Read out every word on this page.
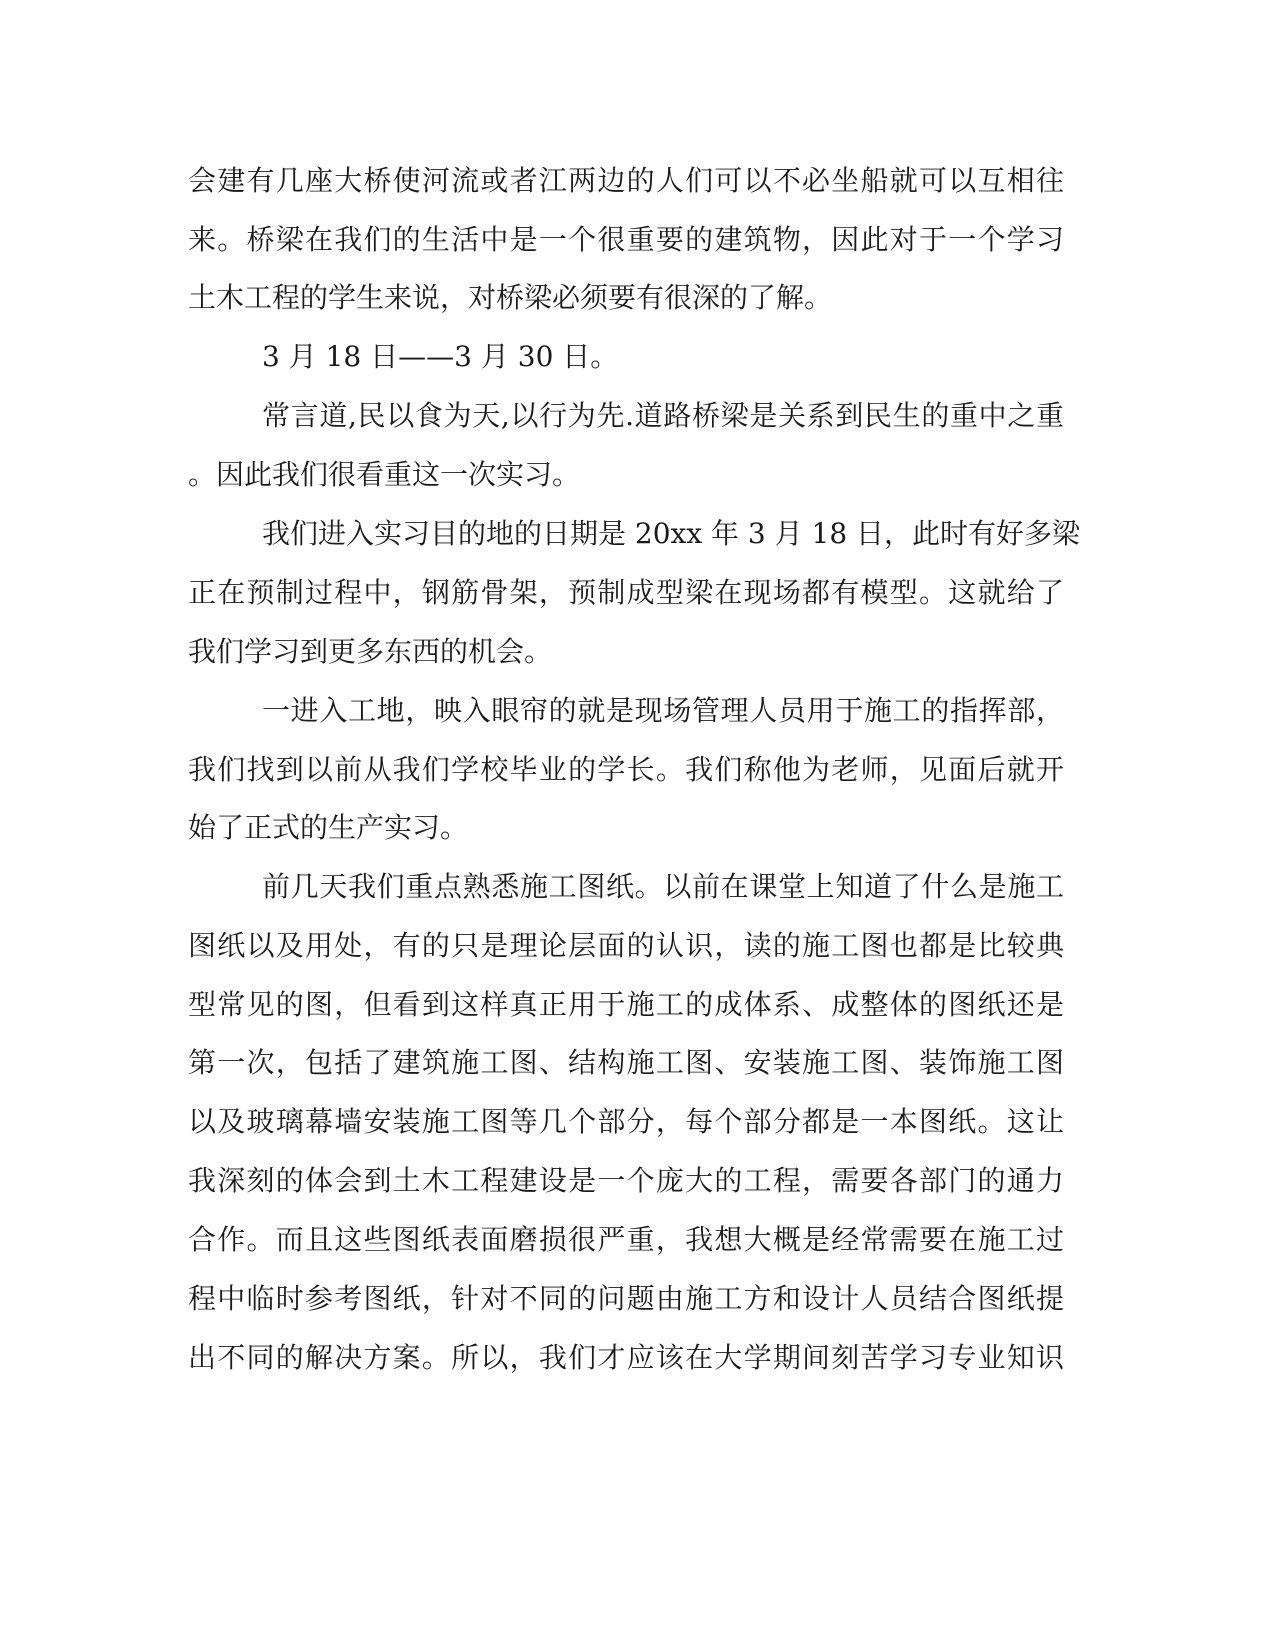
会建有几座大桥使河流或者江两边的人们可以不必坐船就可以互相往
来。桥梁在我们的生活中是一个很重要的建筑物，因此对于一个学习
土木工程的学生来说，对桥梁必须要有很深的了解。
3 月 18 日——3 月 30 日。
常言道,民以食为天,以行为先.道路桥梁是关系到民生的重中之重
。因此我们很看重这一次实习。
我们进入实习目的地的日期是 20xx 年 3 月 18 日，此时有好多梁
正在预制过程中，钢筋骨架，预制成型梁在现场都有模型。这就给了
我们学习到更多东西的机会。
一进入工地，映入眼帘的就是现场管理人员用于施工的指挥部，
我们找到以前从我们学校毕业的学长。我们称他为老师，见面后就开
始了正式的生产实习。
前几天我们重点熟悉施工图纸。以前在课堂上知道了什么是施工
图纸以及用处，有的只是理论层面的认识，读的施工图也都是比较典
型常见的图，但看到这样真正用于施工的成体系、成整体的图纸还是
第一次，包括了建筑施工图、结构施工图、安装施工图、装饰施工图
以及玻璃幕墙安装施工图等几个部分，每个部分都是一本图纸。这让
我深刻的体会到土木工程建设是一个庞大的工程，需要各部门的通力
合作。而且这些图纸表面磨损很严重，我想大概是经常需要在施工过
程中临时参考图纸，针对不同的问题由施工方和设计人员结合图纸提
出不同的解决方案。所以，我们才应该在大学期间刻苦学习专业知识
